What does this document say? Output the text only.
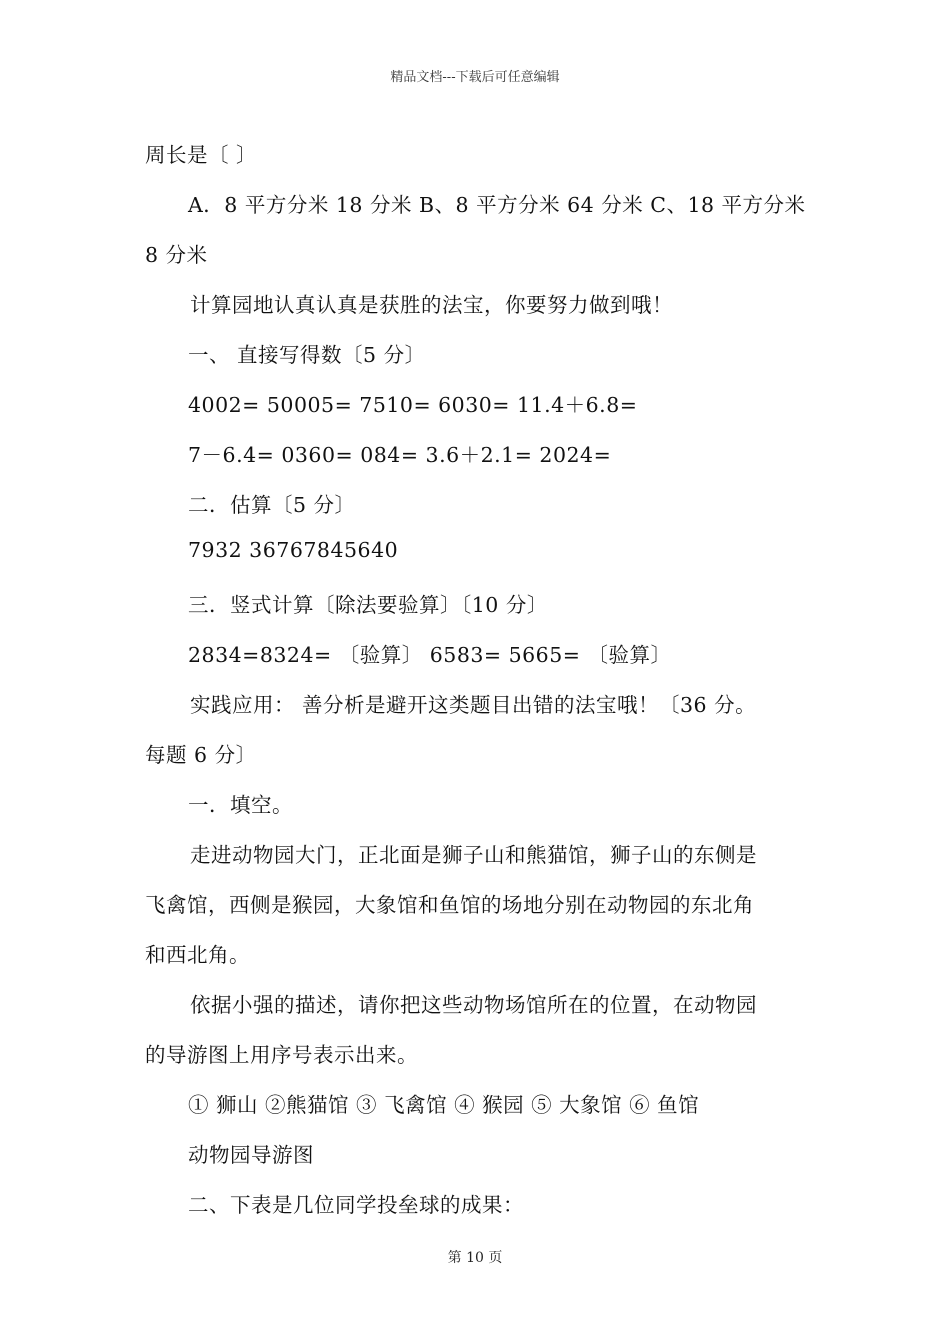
精品文档---下载后可任意编辑
周长是〔 〕
A．8 平方分米 18 分米 B、8 平方分米 64 分米 C、18 平方分米
8 分米
计算园地认真认真是获胜的法宝，你要努力做到哦！
一、 直接写得数〔5 分〕
4002= 50005= 7510= 6030= 11.4＋6.8=
7－6.4= 0360= 084= 3.6＋2.1= 2024=
二．估算〔5 分〕
7932 36767845640
三．竖式计算〔除法要验算〕〔10 分〕
2834=8324= 〔验算〕 6583= 5665= 〔验算〕
实践应用： 善分析是避开这类题目出错的法宝哦！〔36 分。
每题 6 分〕
一．填空。
走进动物园大门，正北面是狮子山和熊猫馆，狮子山的东侧是
飞禽馆，西侧是猴园，大象馆和鱼馆的场地分别在动物园的东北角
和西北角。
依据小强的描述，请你把这些动物场馆所在的位置，在动物园
的导游图上用序号表示出来。
① 狮山 ②熊猫馆 ③ 飞禽馆 ④ 猴园 ⑤ 大象馆 ⑥ 鱼馆
动物园导游图
二、下表是几位同学投垒球的成果：
第 10 页
